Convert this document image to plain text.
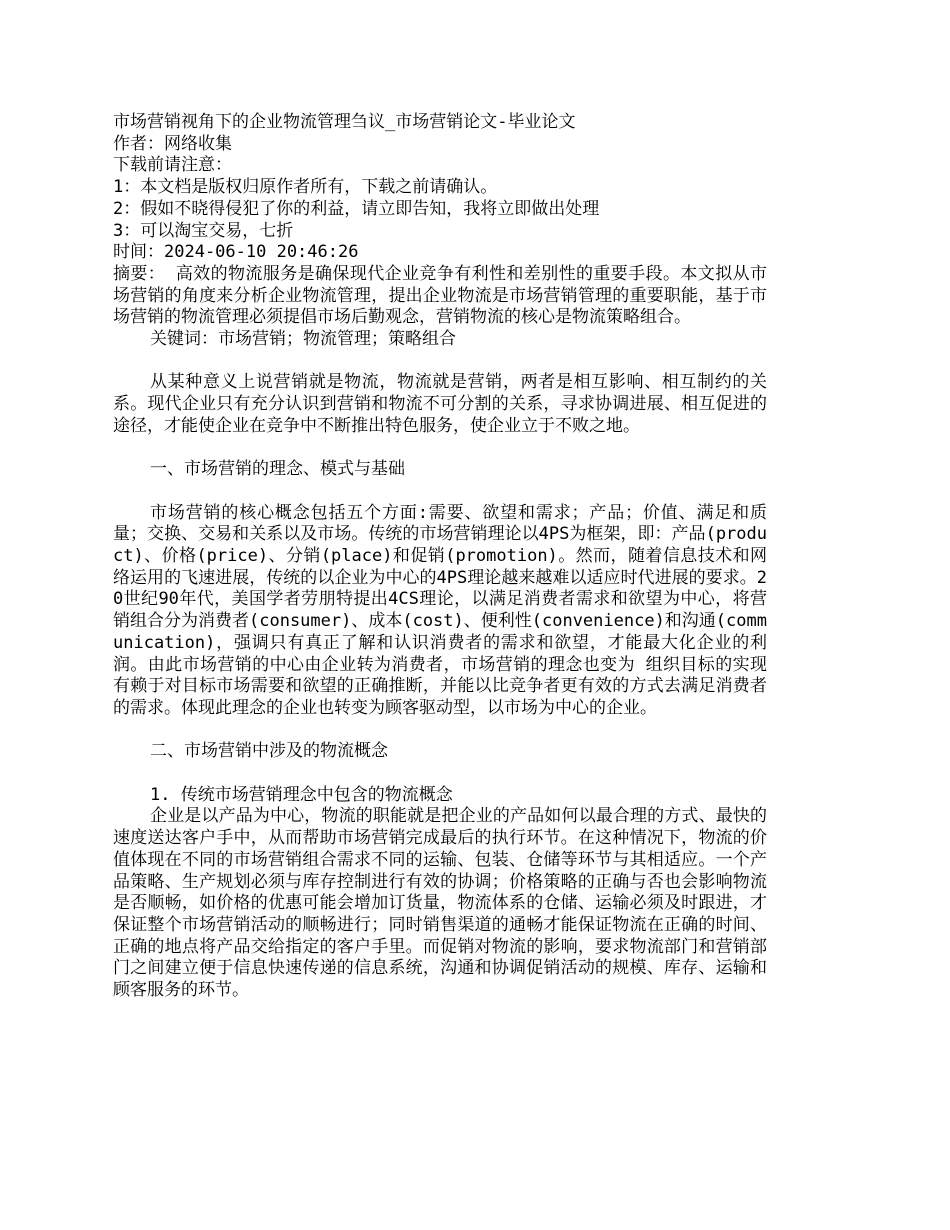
市场营销视角下的企业物流管理刍议_市场营销论文-毕业论文
作者：网络收集
下载前请注意：
1：本文档是版权归原作者所有，下载之前请确认。
2：假如不晓得侵犯了你的利益，请立即告知，我将立即做出处理
3：可以淘宝交易，七折
时间：2024-06-10 20:46:26

摘要： 高效的物流服务是确保现代企业竞争有利性和差别性的重要手段。本文拟从市场营销的角度来分析企业物流管理，提出企业物流是市场营销管理的重要职能，基于市场营销的物流管理必须提倡市场后勤观念，营销物流的核心是物流策略组合。

关键词：市场营销；物流管理；策略组合

从某种意义上说营销就是物流，物流就是营销，两者是相互影响、相互制约的关系。现代企业只有充分认识到营销和物流不可分割的关系，寻求协调进展、相互促进的途径，才能使企业在竞争中不断推出特色服务，使企业立于不败之地。

一、市场营销的理念、模式与基础

市场营销的核心概念包括五个方面:需要、欲望和需求；产品；价值、满足和质量；交换、交易和关系以及市场。传统的市场营销理论以4PS为框架，即：产品(product)、价格(price)、分销(place)和促销(promotion)。然而，随着信息技术和网络运用的飞速进展，传统的以企业为中心的4PS理论越来越难以适应时代进展的要求。20世纪90年代，美国学者劳朋特提出4CS理论，以满足消费者需求和欲望为中心，将营销组合分为消费者(consumer)、成本(cost)、便利性(convenience)和沟通(communication)，强调只有真正了解和认识消费者的需求和欲望，才能最大化企业的利润。由此市场营销的中心由企业转为消费者，市场营销的理念也变为 组织目标的实现有赖于对目标市场需要和欲望的正确推断，并能以比竞争者更有效的方式去满足消费者的需求。体现此理念的企业也转变为顾客驱动型，以市场为中心的企业。

二、市场营销中涉及的物流概念
1. 传统市场营销理念中包含的物流概念

企业是以产品为中心，物流的职能就是把企业的产品如何以最合理的方式、最快的速度送达客户手中，从而帮助市场营销完成最后的执行环节。在这种情况下，物流的价值体现在不同的市场营销组合需求不同的运输、包装、仓储等环节与其相适应。一个产品策略、生产规划必须与库存控制进行有效的协调；价格策略的正确与否也会影响物流是否顺畅，如价格的优惠可能会增加订货量，物流体系的仓储、运输必须及时跟进，才保证整个市场营销活动的顺畅进行；同时销售渠道的通畅才能保证物流在正确的时间、正确的地点将产品交给指定的客户手里。而促销对物流的影响，要求物流部门和营销部门之间建立便于信息快速传递的信息系统，沟通和协调促销活动的规模、库存、运输和顾客服务的环节。
